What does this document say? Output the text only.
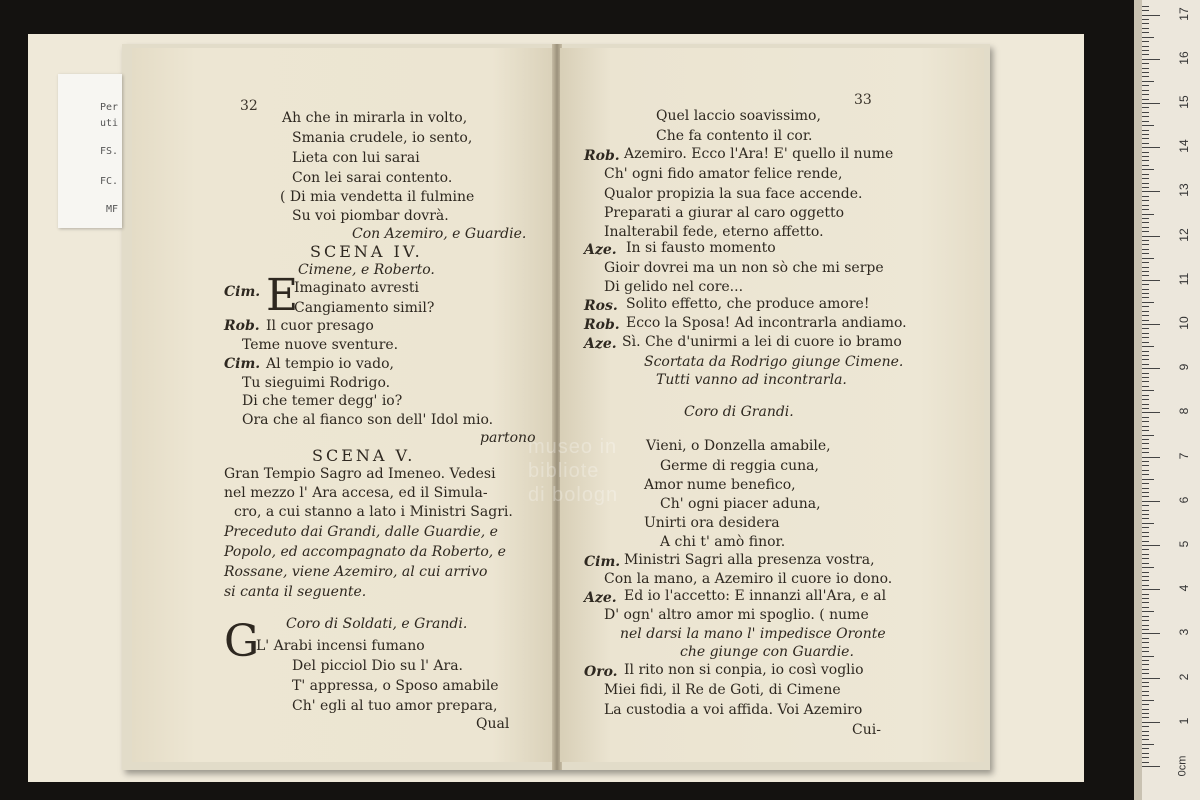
Per
uti
FS.
FC.
MF
32
Ah che in mirarla in volto,
Smania crudele, io sento,
Lieta con lui sarai
Con lei sarai contento.
( Di mia vendetta il fulmine
Su voi piombar dovrà.
Con Azemiro, e Guardie.
SCENA IV.
Cimene, e Roberto.
Cim. E
Imaginato avresti
Cangiamento simil?
Rob. Il cuor presago
Teme nuove sventure.
Cim. Al tempio io vado,
Tu sieguimi Rodrigo.
Di che temer degg' io?
Ora che al fianco son dell' Idol mio.
partono
SCENA V.
Gran Tempio Sagro ad Imeneo. Vedesi
nel mezzo l' Ara accesa, ed il Simula-
cro, a cui stanno a lato i Ministri Sagri.
Preceduto dai Grandi, dalle Guardie, e
Popolo, ed accompagnato da Roberto, e
Rossane, viene Azemiro, al cui arrivo
si canta il seguente.
Coro di Soldati, e Grandi.
G
L' Arabi incensi fumano
Del picciol Dio su l' Ara.
T' appressa, o Sposo amabile
Ch' egli al tuo amor prepara,
Qual
33
Quel laccio soavissimo,
Che fa contento il cor.
Rob. Azemiro. Ecco l'Ara! E' quello il nume
Ch' ogni fido amator felice rende,
Qualor propizia la sua face accende.
Preparati a giurar al caro oggetto
Inalterabil fede, eterno affetto.
Aze. In si fausto momento
Gioir dovrei ma un non sò che mi serpe
Di gelido nel core...
Ros. Solito effetto, che produce amore!
Rob. Ecco la Sposa! Ad incontrarla andiamo.
Aze. Sì. Che d'unirmi a lei di cuore io bramo
Scortata da Rodrigo giunge Cimene.
Tutti vanno ad incontrarla.
Coro di Grandi.
Vieni, o Donzella amabile,
Germe di reggia cuna,
Amor nume benefico,
Ch' ogni piacer aduna,
Unirti ora desidera
A chi t' amò finor.
Cim. Ministri Sagri alla presenza vostra,
Con la mano, a Azemiro il cuore io dono.
Aze. Ed io l'accetto: E innanzi all'Ara, e al
D' ogn' altro amor mi spoglio. ( nume
nel darsi la mano l' impedisce Oronte
che giunge con Guardie.
Oro. Il rito non si conpia, io così voglio
Miei fidi, il Re de Goti, di Cimene
La custodia a voi affida. Voi Azemiro
Cui-
museo in
bibliote
di bologn
0cm
1
2
3
4
5
6
7
8
9
10
11
12
13
14
15
16
17
